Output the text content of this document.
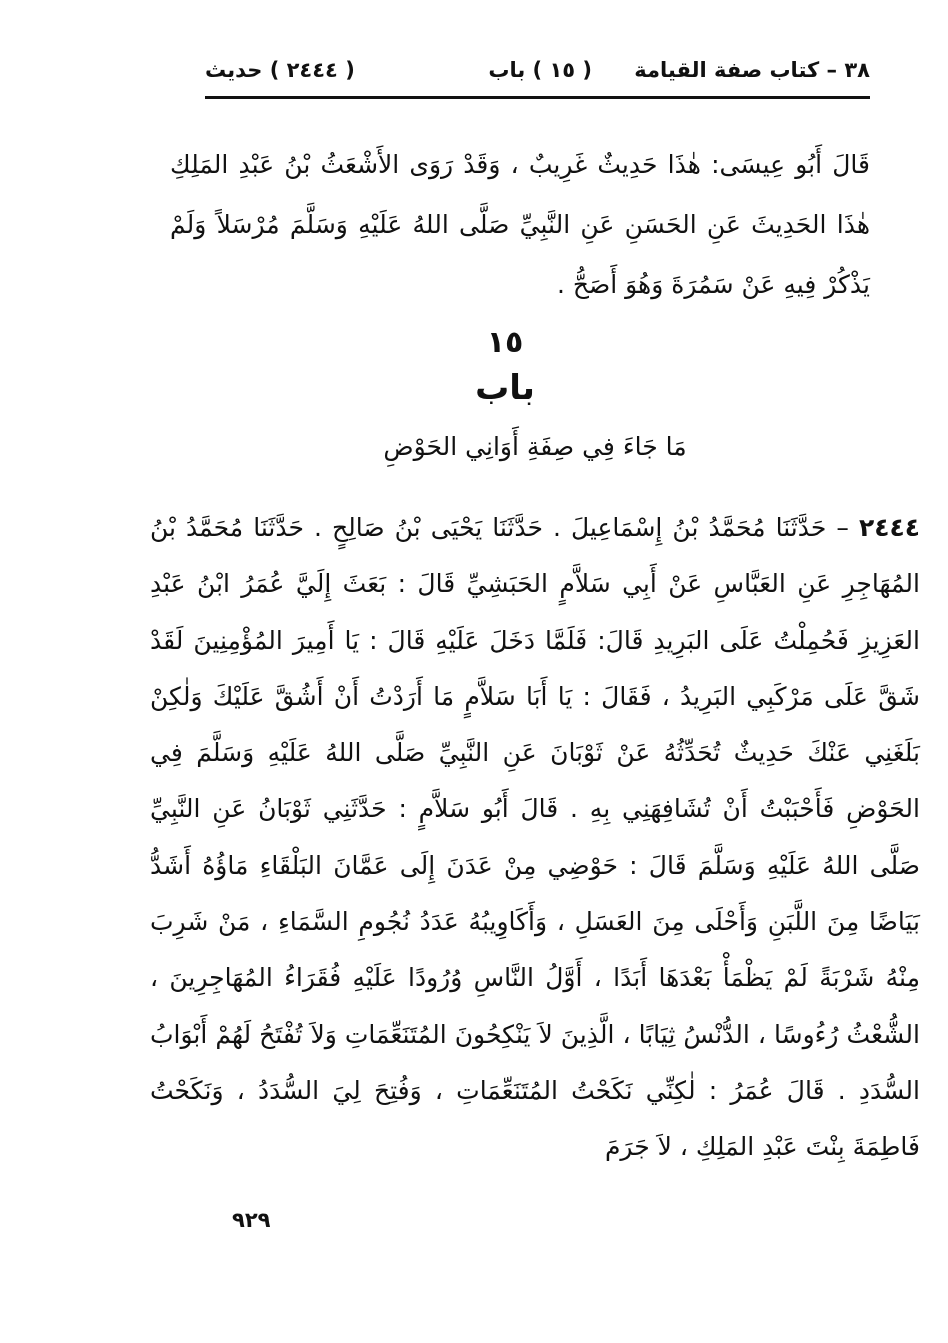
٣٨ – كتاب صفة القيامة
( ١٥ ) باب
( ٢٤٤٤ ) حديث
قَالَ أَبُو عِيسَى: هٰذَا حَدِيثٌ غَرِيبٌ ، وَقَدْ رَوَى الأَشْعَثُ بْنُ عَبْدِ المَلِكِ هٰذَا الحَدِيثَ عَنِ الحَسَنِ عَنِ النَّبِيِّ صَلَّى اللهُ عَلَيْهِ وَسَلَّمَ مُرْسَلاً وَلَمْ يَذْكُرْ فِيهِ عَنْ سَمُرَةَ وَهُوَ أَصَحُّ .
١٥
باب
مَا جَاءَ فِي صِفَةِ أَوَانِي الحَوْضِ
٢٤٤٤ – حَدَّثَنَا مُحَمَّدُ بْنُ إِسْمَاعِيلَ . حَدَّثَنَا يَحْيَى بْنُ صَالِحٍ . حَدَّثَنَا مُحَمَّدُ بْنُ المُهَاجِرِ عَنِ العَبَّاسِ عَنْ أَبِي سَلاَّمٍ الحَبَشِيِّ قَالَ : بَعَثَ إِلَيَّ عُمَرُ ابْنُ عَبْدِ العَزِيزِ فَحُمِلْتُ عَلَى البَرِيدِ قَالَ: فَلَمَّا دَخَلَ عَلَيْهِ قَالَ : يَا أَمِيرَ المُؤْمِنِينَ لَقَدْ شَقَّ عَلَى مَرْكَبِي البَرِيدُ ، فَقَالَ : يَا أَبَا سَلاَّمٍ مَا أَرَدْتُ أَنْ أَشُقَّ عَلَيْكَ وَلٰكِنْ بَلَغَنِي عَنْكَ حَدِيثٌ تُحَدِّثُهُ عَنْ ثَوْبَانَ عَنِ النَّبِيِّ صَلَّى اللهُ عَلَيْهِ وَسَلَّمَ فِي الحَوْضِ فَأَحْبَبْتُ أَنْ تُشَافِهَنِي بِهِ . قَالَ أَبُو سَلاَّمٍ : حَدَّثَنِي ثَوْبَانُ عَنِ النَّبِيِّ صَلَّى اللهُ عَلَيْهِ وَسَلَّمَ قَالَ : حَوْضِي مِنْ عَدَنَ إِلَى عَمَّانَ البَلْقَاءِ مَاؤُهُ أَشَدُّ بَيَاضًا مِنَ اللَّبَنِ وَأَحْلَى مِنَ العَسَلِ ، وَأَكَاوِيبُهُ عَدَدُ نُجُومِ السَّمَاءِ ، مَنْ شَرِبَ مِنْهُ شَرْبَةً لَمْ يَظْمَأْ بَعْدَهَا أَبَدًا ، أَوَّلُ النَّاسِ وُرُودًا عَلَيْهِ فُقَرَاءُ المُهَاجِرِينَ ، الشُّعْثُ رُءُوسًا ، الدُّنْسُ ثِيَابًا ، الَّذِينَ لاَ يَنْكِحُونَ المُتَنَعِّمَاتِ وَلاَ تُفْتَحُ لَهُمْ أَبْوَابُ السُّدَدِ . قَالَ عُمَرُ : لٰكِنِّي نَكَحْتُ المُتَنَعِّمَاتِ ، وَفُتِحَ لِيَ السُّدَدُ ، وَنَكَحْتُ فَاطِمَةَ بِنْتَ عَبْدِ المَلِكِ ، لاَ جَرَمَ
٩٢٩
